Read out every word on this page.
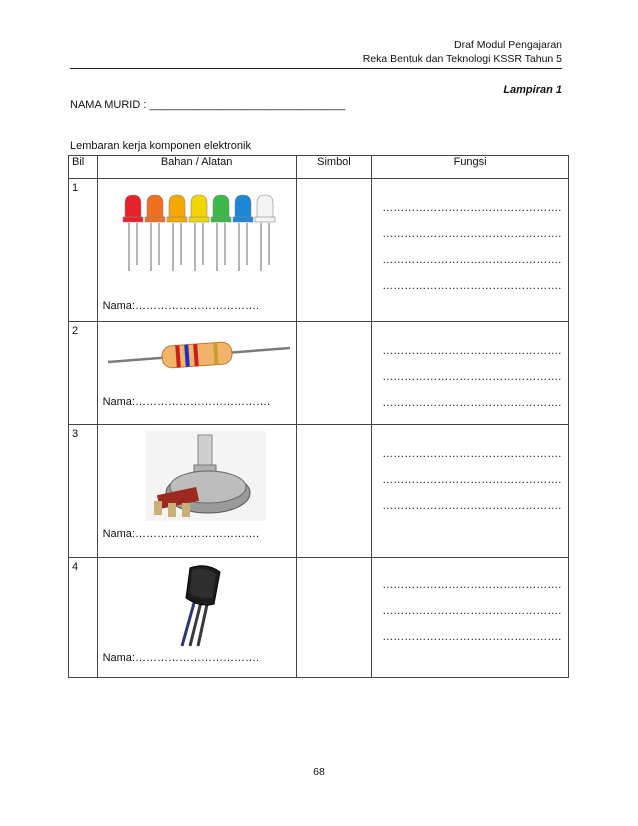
Draf Modul Pengajaran
Reka Bentuk dan Teknologi KSSR Tahun 5
Lampiran 1
NAMA MURID : ________________________________
Lembaran kerja komponen elektronik
Bil	Bahan / Alatan	Simbol	Fungsi
1	Nama:…………………………….		………………………………………….
………………………………………….
………………………………………….
………………………………………….

2	Nama:……………………………….		………………………………………….
………………………………………….
………………………………………….

3	Nama:…………………………….		………………………………………….
………………………………………….
………………………………………….

4	Nama:…………………………….		………………………………………….
………………………………………….
………………………………………….
68
